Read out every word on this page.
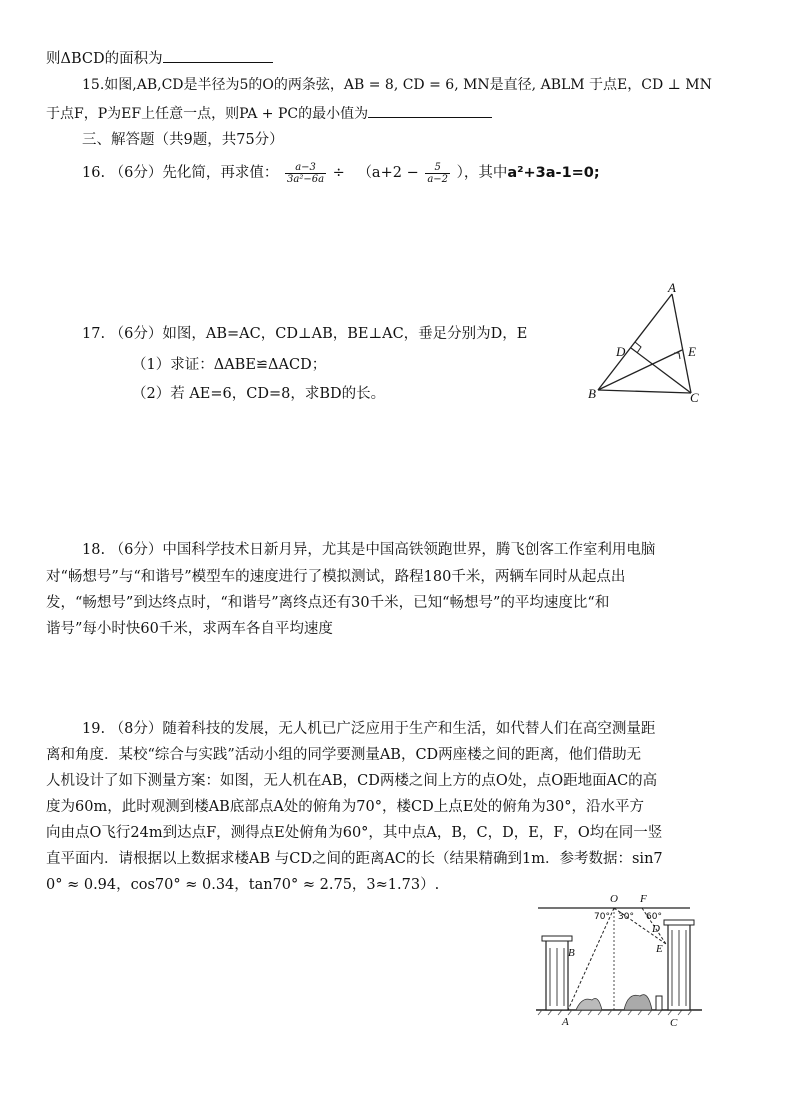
则ΔBCD的面积为
15.如图,AB,CD是半径为5的O的两条弦，AB = 8, CD = 6, MN是直径, ABLM 于点E，CD ⊥ MN
于点F，P为EF上任意一点，则PA + PC的最小值为
三、解答题（共9题，共75分）
16. （6分）先化简，再求值： $\frac{a-3}{\text{3a²−6a}} \div (a+2 - \frac{5}{a-2}$ ），其中a²+3a-1=0;
17. （6分）如图，AB=AC，CD⊥AB，BE⊥AC，垂足分别为D，E
（1）求证：ΔABE≌ΔACD；
（2）若 AE=6，CD=8，求BD的长。
A
D	E
B	C
18. （6分）中国科学技术日新月异，尤其是中国高铁领跑世界，腾飞创客工作室利用电脑
对“畅想号”与“和谐号”模型车的速度进行了模拟测试，路程180千米，两辆车同时从起点出
发，“畅想号”到达终点时，“和谐号”离终点还有30千米，已知“畅想号”的平均速度比“和
谐号”每小时快60千米，求两车各自平均速度
19. （8分）随着科技的发展，无人机已广泛应用于生产和生活，如代替人们在高空测量距
离和角度．某校“综合与实践”活动小组的同学要测量AB，CD两座楼之间的距离，他们借助无
人机设计了如下测量方案：如图，无人机在AB，CD两楼之间上方的点O处，点O距地面AC的高
度为60m，此时观测到楼AB底部点A处的俯角为70°，楼CD上点E处的俯角为30°，沿水平方
向由点O飞行24m到达点F，测得点E处俯角为60°，其中点A，B，C，D，E，F，O均在同一竖
直平面内．请根据以上数据求楼AB 与CD之间的距离AC的长（结果精确到1m．参考数据：sin7
0° ≈ 0.94，cos70° ≈ 0.34，tan70° ≈ 2.75，3≈1.73）.
O F
D
E
B
A	C
70° 30° 60°
